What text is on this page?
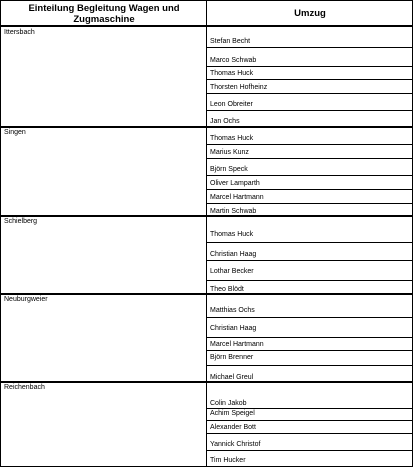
Einteilung Begleitung Wagen und Zugmaschine
Umzug
Ittersbach
Stefan Becht
Marco Schwab
Thomas Huck
Thorsten Hofheinz
Leon Obreiter
Jan Ochs
Singen
Thomas Huck
Marius Kunz
Björn Speck
Oliver Lamparth
Marcel Hartmann
Martin Schwab
Schielberg
Thomas Huck
Christian Haag
Lothar Becker
Theo Blödt
Neuburgweier
Matthias Ochs
Christian Haag
Marcel Hartmann
Björn Brenner
Michael Greul
Reichenbach
Colin Jakob
Achim Speigel
Alexander Bott
Yannick Christof
Tim Hucker
